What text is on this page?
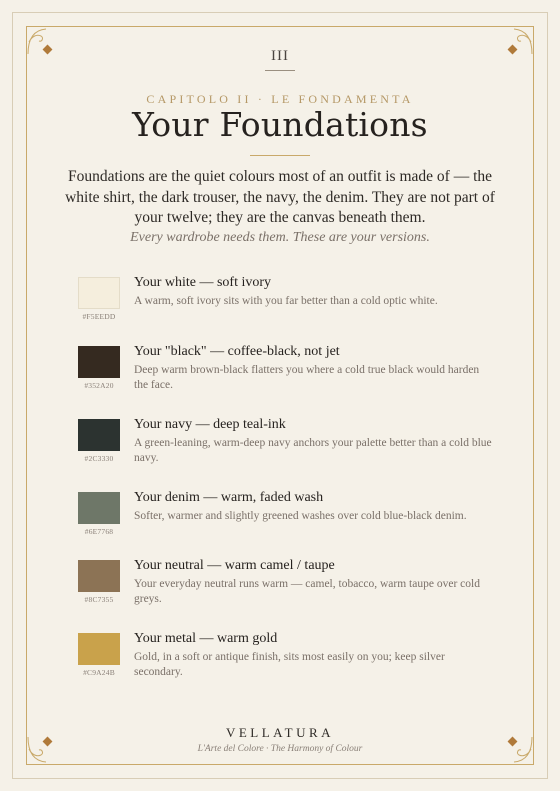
III
CAPITOLO II · LE FONDAMENTA
Your Foundations
Foundations are the quiet colours most of an outfit is made of — the white shirt, the dark trouser, the navy, the denim. They are not part of your twelve; they are the canvas beneath them.
Every wardrobe needs them. These are your versions.
#F5EEDD
Your white — soft ivory
A warm, soft ivory sits with you far better than a cold optic white.
#352A20
Your "black" — coffee-black, not jet
Deep warm brown-black flatters you where a cold true black would harden the face.
#2C3330
Your navy — deep teal-ink
A green-leaning, warm-deep navy anchors your palette better than a cold blue navy.
#6E7768
Your denim — warm, faded wash
Softer, warmer and slightly greened washes over cold blue-black denim.
#8C7355
Your neutral — warm camel / taupe
Your everyday neutral runs warm — camel, tobacco, warm taupe over cold greys.
#C9A24B
Your metal — warm gold
Gold, in a soft or antique finish, sits most easily on you; keep silver secondary.
VELLATURA
L'Arte del Colore · The Harmony of Colour
